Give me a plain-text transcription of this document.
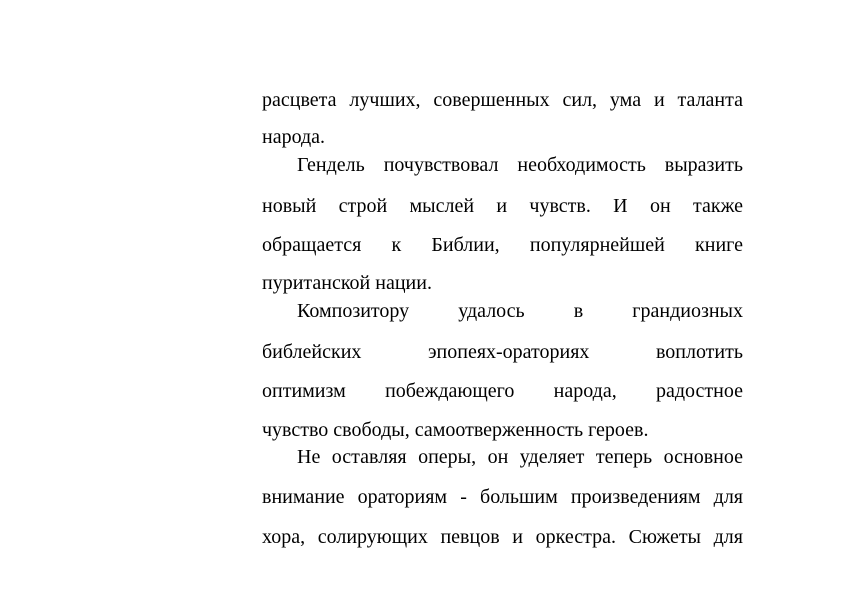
расцвета лучших, совершенных сил, ума и таланта
народа.
Гендель почувствовал необходимость выразить
новый строй мыслей и чувств. И он также
обращается к Библии, популярнейшей книге
пуританской нации.
Композитору удалось в грандиозных
библейских эпопеях-ораториях воплотить
оптимизм побеждающего народа, радостное
чувство свободы, самоотверженность героев.
Не оставляя оперы, он уделяет теперь основное
внимание ораториям - большим произведениям для
хора, солирующих певцов и оркестра. Сюжеты для
